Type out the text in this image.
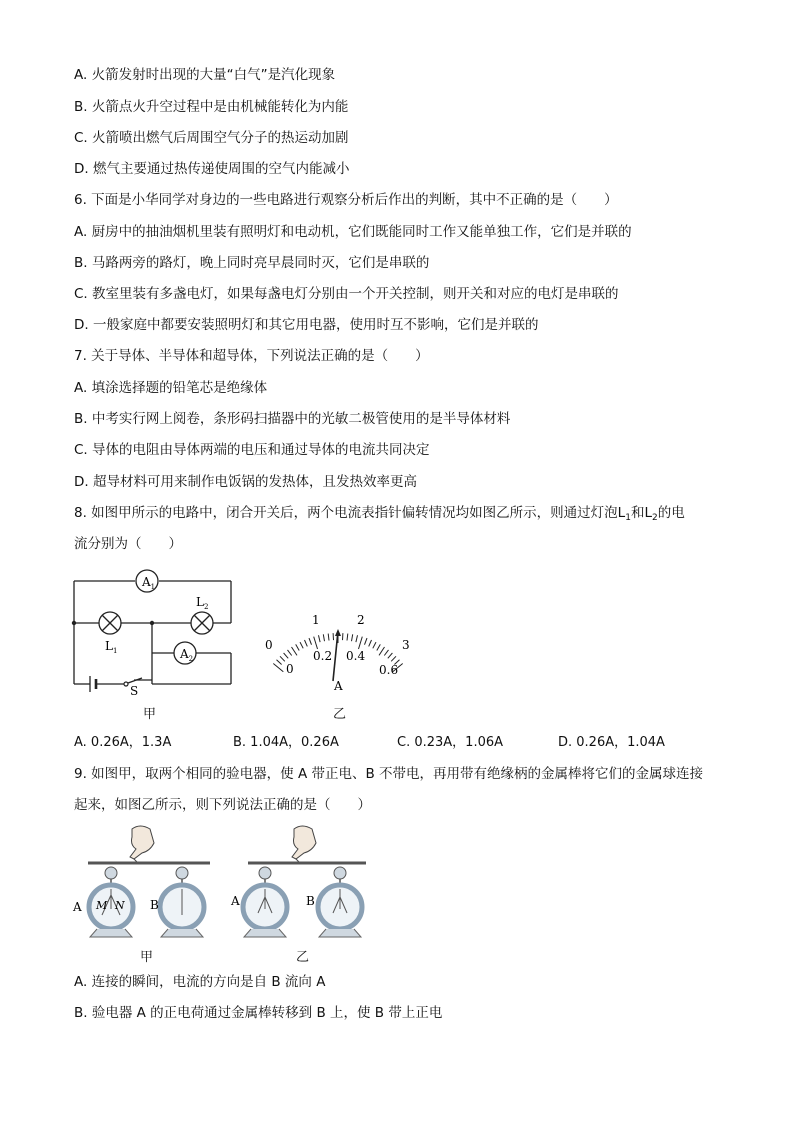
A. 火箭发射时出现的大量“白气”是汽化现象
B. 火箭点火升空过程中是由机械能转化为内能
C. 火箭喷出燃气后周围空气分子的热运动加剧
D. 燃气主要通过热传递使周围的空气内能减小
6. 下面是小华同学对身边的一些电路进行观察分析后作出的判断，其中不正确的是（　　）
A. 厨房中的抽油烟机里装有照明灯和电动机，它们既能同时工作又能单独工作，它们是并联的
B. 马路两旁的路灯，晚上同时亮早晨同时灭，它们是串联的
C. 教室里装有多盏电灯，如果每盏电灯分别由一个开关控制，则开关和对应的电灯是串联的
D. 一般家庭中都要安装照明灯和其它用电器，使用时互不影响，它们是并联的
7. 关于导体、半导体和超导体，下列说法正确的是（　　）
A. 填涂选择题的铅笔芯是绝缘体
B. 中考实行网上阅卷，条形码扫描器中的光敏二极管使用的是半导体材料
C. 导体的电阻由导体两端的电压和通过导体的电流共同决定
D. 超导材料可用来制作电饭锅的发热体，且发热效率更高
8. 如图甲所示的电路中，闭合开关后，两个电流表指针偏转情况均如图乙所示，则通过灯泡$L_1$和$L_2$的电
流分别为（　　）
$A_1$
$L_1$
$L_2$
$A_2$
S
甲
0
1	2
3
0
0.2 0.4
0.6
A
乙
A. 0.26A，1.3A	B. 1.04A，0.26A	C. 0.23A，1.06A	D. 0.26A，1.04A
9. 如图甲，取两个相同的验电器，使 A 带正电、B 不带电，再用带有绝缘柄的金属棒将它们的金属球连接
起来，如图乙所示，则下列说法正确的是（　　）
A M N B
甲
A	B
乙
A. 连接的瞬间，电流的方向是自 B 流向 A
B. 验电器 A 的正电荷通过金属棒转移到 B 上，使 B 带上正电
